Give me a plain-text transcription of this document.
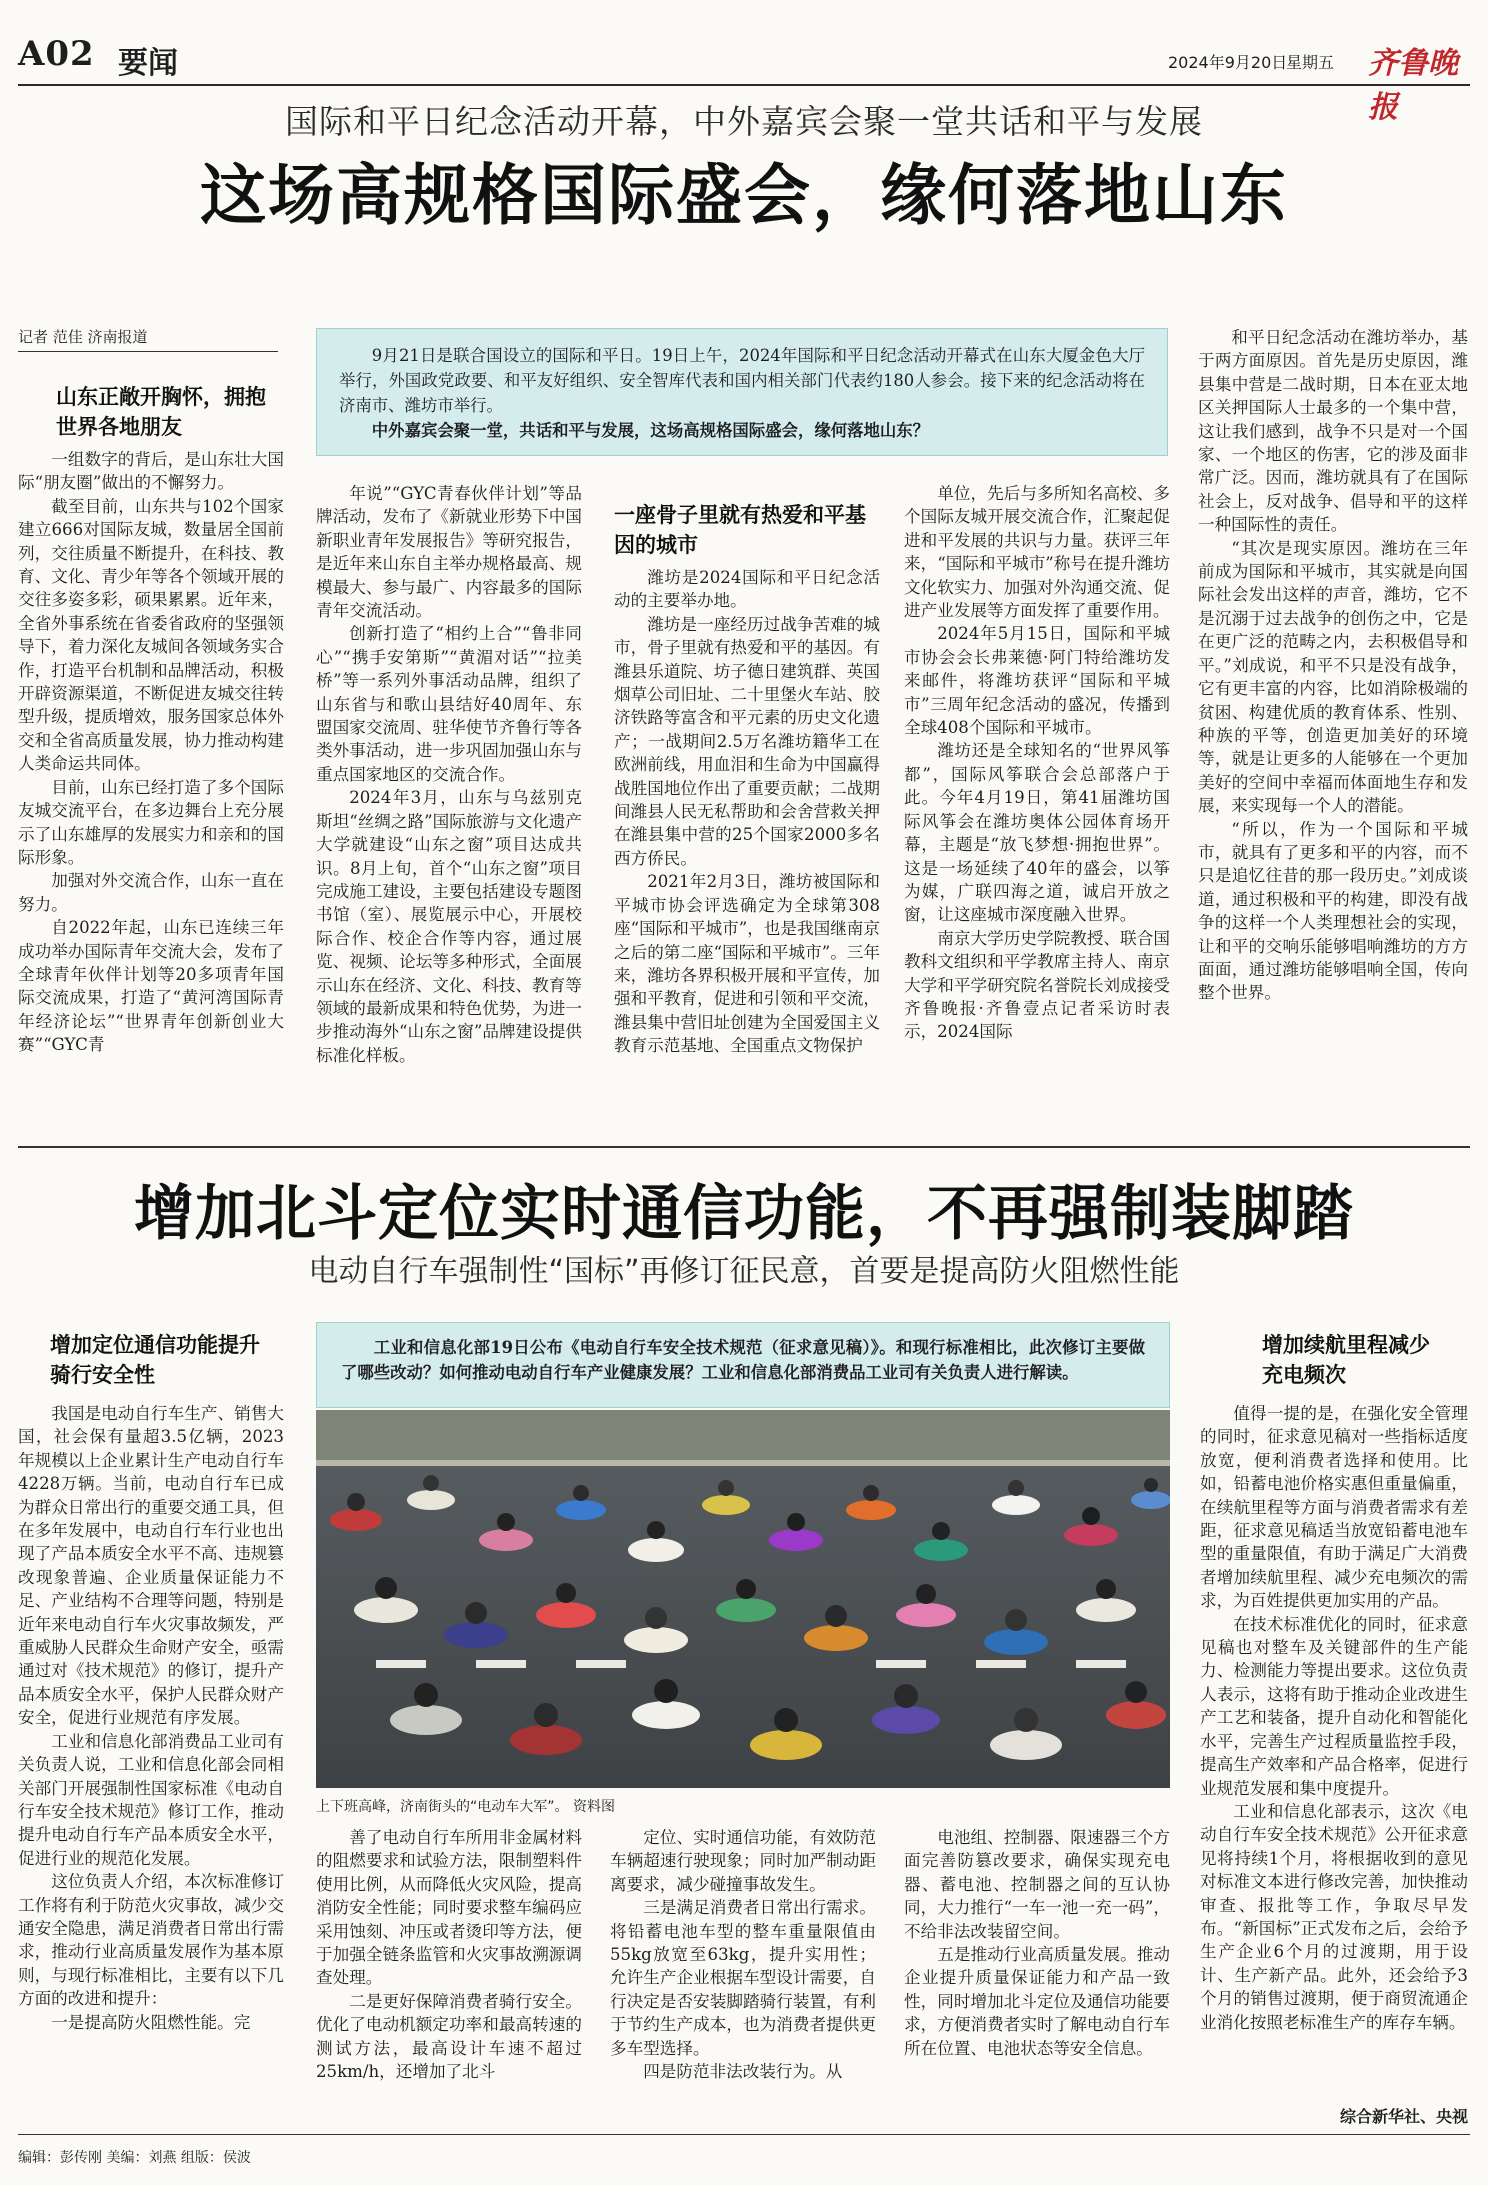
A02 要闻	2024年9月20日
星期五 齐鲁晚报
国际和平日纪念活动开幕，中外嘉宾会聚一堂共话和平与发展
这场高规格国际盛会，缘何落地山东
记者 范佳 济南报道

9月21日是联合国设立的国际和平日。19日上午，2024年国际和平日纪念活动开幕式在山东大厦金色大厅举行，外国政党政要、和平友好组织、安全智库代表和国内相关部门代表约180人参会。接下来的纪念活动将在济南市、潍坊市举行。

中外嘉宾会聚一堂，共话和平与发展，这场高规格国际盛会，缘何落地山东？

山东正敞开胸怀，拥抱世界各地朋友

一组数字的背后，是山东壮大国际“朋友圈”做出的不懈努力。

截至目前，山东共与102个国家建立666对国际友城，数量居全国前列，交往质量不断提升，在科技、教育、文化、青少年等各个领域开展的交往多姿多彩，硕果累累。近年来，全省外事系统在省委省政府的坚强领导下，着力深化友城间各领域务实合作，打造平台机制和品牌活动，积极开辟资源渠道，不断促进友城交往转型升级，提质增效，服务国家总体外交和全省高质量发展，协力推动构建人类命运共同体。

目前，山东已经打造了多个国际友城交流平台，在多边舞台上充分展示了山东雄厚的发展实力和亲和的国际形象。

加强对外交流合作，山东一直在努力。

自2022年起，山东已连续三年成功举办国际青年交流大会，发布了全球青年伙伴计划等20多项青年国际交流成果，打造了“黄河湾国际青年经济论坛”“世界青年创新创业大赛”“GYC青

年说”“GYC青春伙伴计划”等品牌活动，发布了《新就业形势下中国新职业青年发展报告》等研究报告，是近年来山东自主举办规格最高、规模最大、参与最广、内容最多的国际青年交流活动。

创新打造了“相约上合”“鲁非同心”“携手安第斯”“黄湄对话”“拉美桥”等一系列外事活动品牌，组织了山东省与和歌山县结好40周年、东盟国家交流周、驻华使节齐鲁行等各类外事活动，进一步巩固加强山东与重点国家地区的交流合作。

2024年3月，山东与乌兹别克斯坦“丝绸之路”国际旅游与文化遗产大学就建设“山东之窗”项目达成共识。8月上旬，首个“山东之窗”项目完成施工建设，主要包括建设专题图书馆（室）、展览展示中心，开展校际合作、校企合作等内容，通过展览、视频、论坛等多种形式，全面展示山东在经济、文化、科技、教育等领域的最新成果和特色优势，为进一步推动海外“山东之窗”品牌建设提供标准化样板。

一座骨子里就有热爱和平基因的城市

潍坊是2024国际和平日纪念活动的主要举办地。

潍坊是一座经历过战争苦难的城市，骨子里就有热爱和平的基因。有潍县乐道院、坊子德日建筑群、英国烟草公司旧址、二十里堡火车站、胶济铁路等富含和平元素的历史文化遗产；一战期间2.5万名潍坊籍华工在欧洲前线，用血泪和生命为中国赢得战胜国地位作出了重要贡献；二战期间潍县人民无私帮助和会舍营救关押在潍县集中营的25个国家2000多名西方侨民。

2021年2月3日，潍坊被国际和平城市协会评选确定为全球第308座“国际和平城市”，也是我国继南京之后的第二座“国际和平城市”。三年来，潍坊各界积极开展和平宣传，加强和平教育，促进和引领和平交流，潍县集中营旧址创建为全国爱国主义教育示范基地、全国重点文物保护

单位，先后与多所知名高校、多个国际友城开展交流合作，汇聚起促进和平发展的共识与力量。获评三年来，“国际和平城市”称号在提升潍坊文化软实力、加强对外沟通交流、促进产业发展等方面发挥了重要作用。

2024年5月15日，国际和平城市协会会长弗莱德·阿门特给潍坊发来邮件，将潍坊获评“国际和平城市”三周年纪念活动的盛况，传播到全球408个国际和平城市。

潍坊还是全球知名的“世界风筝都”，国际风筝联合会总部落户于此。今年4月19日，第41届潍坊国际风筝会在潍坊奥体公园体育场开幕，主题是“放飞梦想·拥抱世界”。这是一场延续了40年的盛会，以筝为媒，广联四海之道，诚启开放之窗，让这座城市深度融入世界。

南京大学历史学院教授、联合国教科文组织和平学教席主持人、南京大学和平学研究院名誉院长刘成接受齐鲁晚报·齐鲁壹点记者采访时表示，2024国际

和平日纪念活动在潍坊举办，基于两方面原因。首先是历史原因，潍县集中营是二战时期，日本在亚太地区关押国际人士最多的一个集中营，这让我们感到，战争不只是对一个国家、一个地区的伤害，它的涉及面非常广泛。因而，潍坊就具有了在国际社会上，反对战争、倡导和平的这样一种国际性的责任。

“其次是现实原因。潍坊在三年前成为国际和平城市，其实就是向国际社会发出这样的声音，潍坊，它不是沉溺于过去战争的创伤之中，它是在更广泛的范畴之内，去积极倡导和平。”刘成说，和平不只是没有战争，它有更丰富的内容，比如消除极端的贫困、构建优质的教育体系、性别、种族的平等，创造更加美好的环境等，就是让更多的人能够在一个更加美好的空间中幸福而体面地生存和发展，来实现每一个人的潜能。

“所以，作为一个国际和平城市，就具有了更多和平的内容，而不只是追忆往昔的那一段历史。”刘成谈道，通过积极和平的构建，即没有战争的这样一个人类理想社会的实现，让和平的交响乐能够唱响潍坊的方方面面，通过潍坊能够唱响全国，传向整个世界。

增加北斗定位实时通信功能，不再强制装脚踏
电动自行车强制性“国标”再修订征民意，首要是提高防火阻燃性能
增加定位通信功能提升骑行安全性

我国是电动自行车生产、销售大国，社会保有量超3.5亿辆，2023年规模以上企业累计生产电动自行车4228万辆。当前，电动自行车已成为群众日常出行的重要交通工具，但在多年发展中，电动自行车行业也出现了产品本质安全水平不高、违规篡改现象普遍、企业质量保证能力不足、产业结构不合理等问题，特别是近年来电动自行车火灾事故频发，严重威胁人民群众生命财产安全，亟需通过对《技术规范》的修订，提升产品本质安全水平，保护人民群众财产安全，促进行业规范有序发展。

工业和信息化部消费品工业司有关负责人说，工业和信息化部会同相关部门开展强制性国家标准《电动自行车安全技术规范》修订工作，推动提升电动自行车产品本质安全水平，促进行业的规范化发展。

这位负责人介绍，本次标准修订工作将有利于防范火灾事故，减少交通安全隐患，满足消费者日常出行需求，推动行业高质量发展作为基本原则，与现行标准相比，主要有以下几方面的改进和提升：

一是提高防火阻燃性能。完

工业和信息化部19日公布《电动自行车安全技术规范（征求意见稿）》。和现行标准相比，此次修订主要做了哪些改动？如何推动电动自行车产业健康发展？工业和信息化部消费品工业司有关负责人进行解读。

上下班高峰，济南街头的“电动车大军”。 资料图

善了电动自行车所用非金属材料的阻燃要求和试验方法，限制塑料件使用比例，从而降低火灾风险，提高消防安全性能；同时要求整车编码应采用蚀刻、冲压或者烫印等方法，便于加强全链条监管和火灾事故溯源调查处理。

二是更好保障消费者骑行安全。优化了电动机额定功率和最高转速的测试方法，最高设计车速不超过25km/h，还增加了北斗

定位、实时通信功能，有效防范车辆超速行驶现象；同时加严制动距离要求，减少碰撞事故发生。

三是满足消费者日常出行需求。将铅蓄电池车型的整车重量限值由55kg放宽至63kg，提升实用性；允许生产企业根据车型设计需要，自行决定是否安装脚踏骑行装置，有利于节约生产成本，也为消费者提供更多车型选择。

四是防范非法改装行为。从

电池组、控制器、限速器三个方面完善防篡改要求，确保实现充电器、蓄电池、控制器之间的互认协同，大力推行“一车一池一充一码”，不给非法改装留空间。

五是推动行业高质量发展。推动企业提升质量保证能力和产品一致性，同时增加北斗定位及通信功能要求，方便消费者实时了解电动自行车所在位置、电池状态等安全信息。

增加续航里程减少充电频次

值得一提的是，在强化安全管理的同时，征求意见稿对一些指标适度放宽，便利消费者选择和使用。比如，铅蓄电池价格实惠但重量偏重，在续航里程等方面与消费者需求有差距，征求意见稿适当放宽铅蓄电池车型的重量限值，有助于满足广大消费者增加续航里程、减少充电频次的需求，为百姓提供更加实用的产品。

在技术标准优化的同时，征求意见稿也对整车及关键部件的生产能力、检测能力等提出要求。这位负责人表示，这将有助于推动企业改进生产工艺和装备，提升自动化和智能化水平，完善生产过程质量监控手段，提高生产效率和产品合格率，促进行业规范发展和集中度提升。

工业和信息化部表示，这次《电动自行车安全技术规范》公开征求意见将持续1个月，将根据收到的意见对标准文本进行修改完善，加快推动审查、报批等工作，争取尽早发布。“新国标”正式发布之后，会给予生产企业6个月的过渡期，用于设计、生产新产品。此外，还会给予3个月的销售过渡期，便于商贸流通企业消化按照老标准生产的库存车辆。

综合新华社、央视
编辑：彭传刚 美编：刘燕 组版：侯波
